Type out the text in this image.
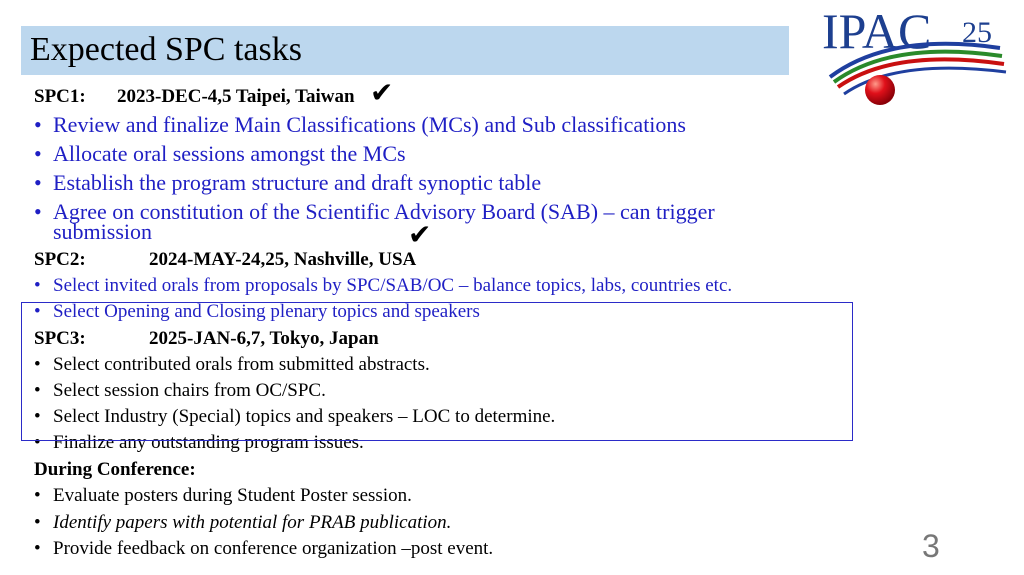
Expected SPC tasks	IPAC 25
SPC1: 2023-DEC-4,5 Taipei, Taiwan ✔
• Review and finalize Main Classifications (MCs) and Sub classifications
• Allocate oral sessions amongst the MCs
• Establish the program structure and draft synoptic table
• Agree on constitution of the Scientific Advisory Board (SAB) – can trigger
submission	✔
SPC2:	2024-MAY-24,25, Nashville, USA
• Select invited orals from proposals by SPC/SAB/OC – balance topics, labs, countries etc.
• Select Opening and Closing plenary topics and speakers
SPC3:	2025-JAN-6,7, Tokyo, Japan
• Select contributed orals from submitted abstracts.
• Select session chairs from OC/SPC.
• Select Industry (Special) topics and speakers – LOC to determine.
• Finalize any outstanding program issues.
During Conference:
• Evaluate posters during Student Poster session.
• Identify papers with potential for PRAB publication.
• Provide feedback on conference organization –post event.	3
